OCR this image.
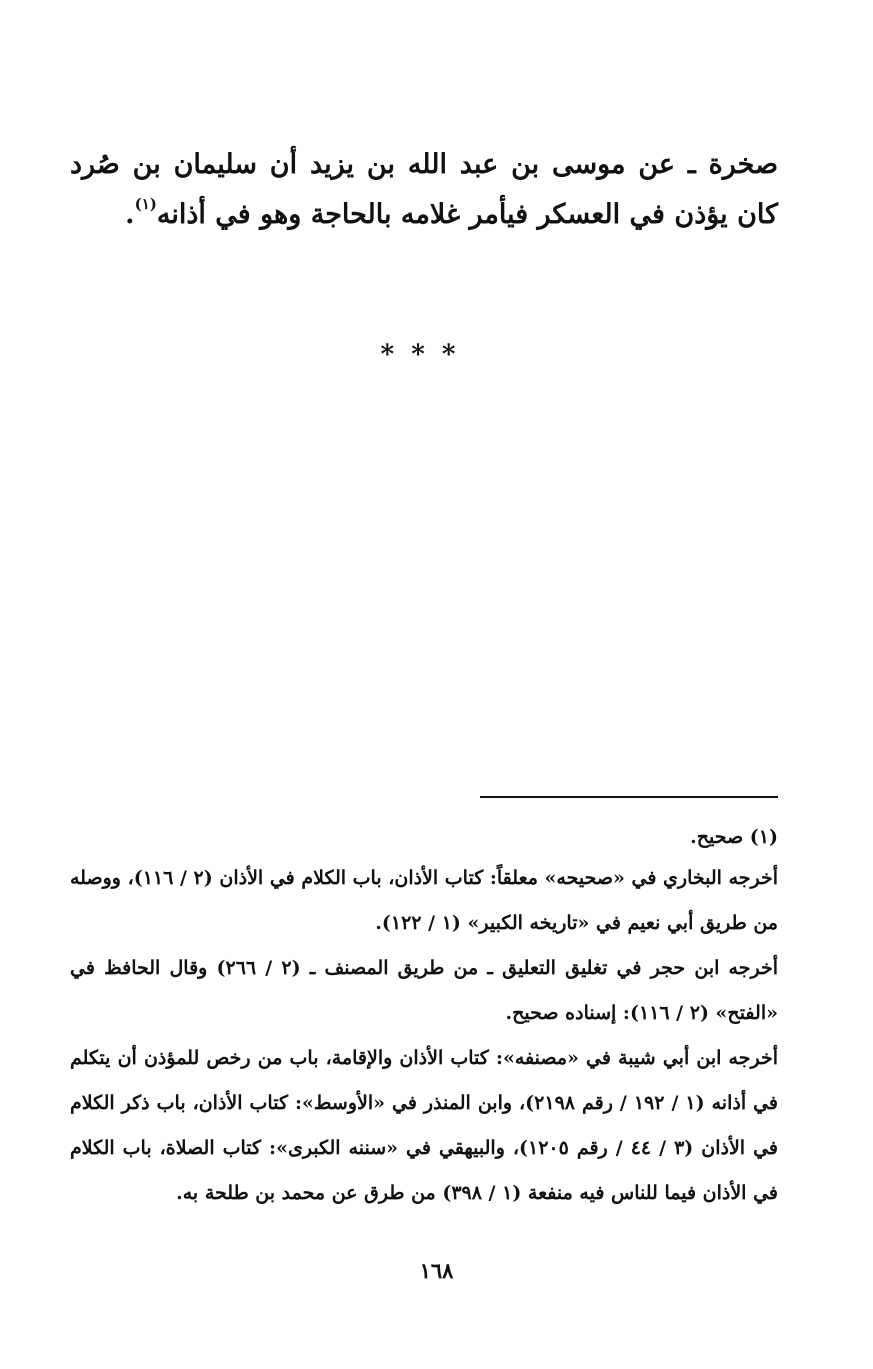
صخرة ـ عن موسى بن عبد الله بن يزيد أن سليمان بن صُرد كان يؤذن في العسكر فيأمر غلامه بالحاجة وهو في أذانه$^{(١)}$.

* * *

(١) صحيح.

أخرجه البخاري في «صحيحه» معلقاً: كتاب الأذان، باب الكلام في الأذان (٢ / ١١٦)، ووصله من طريق أبي نعيم في «تاريخه الكبير» (١ / ١٢٢).

أخرجه ابن حجر في تغليق التعليق ـ من طريق المصنف ـ (٢ / ٢٦٦) وقال الحافظ في «الفتح» (٢ / ١١٦): إسناده صحيح.

أخرجه ابن أبي شيبة في «مصنفه»: كتاب الأذان والإقامة، باب من رخص للمؤذن أن يتكلم في أذانه (١ / ١٩٢ / رقم ٢١٩٨)، وابن المنذر في «الأوسط»: كتاب الأذان، باب ذكر الكلام في الأذان (٣ / ٤٤ / رقم ١٢٠٥)، والبيهقي في «سننه الكبرى»: كتاب الصلاة، باب الكلام في الأذان فيما للناس فيه منفعة (١ / ٣٩٨) من طرق عن محمد بن طلحة به.

١٦٨
